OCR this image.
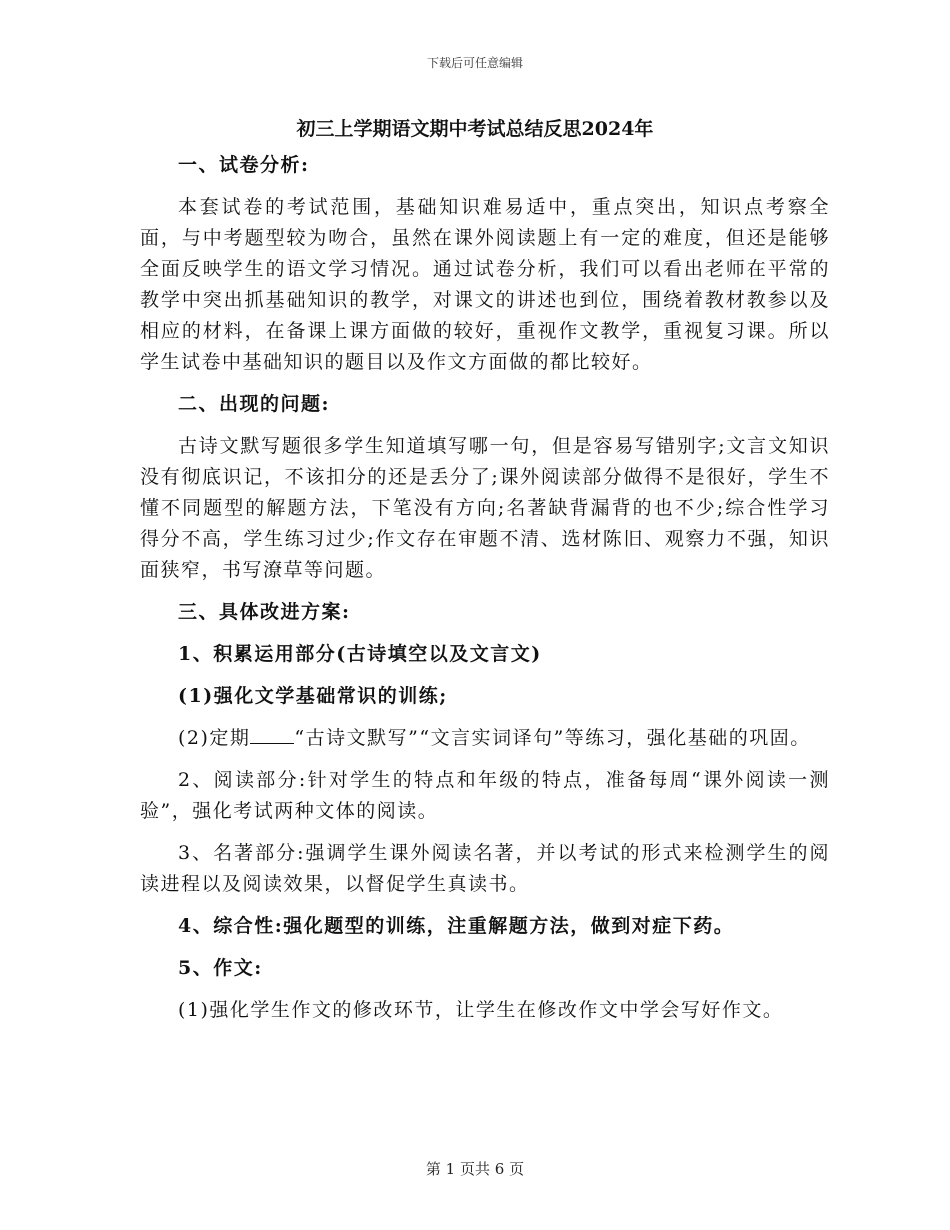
下载后可任意编辑
初三上学期语文期中考试总结反思2024年

一、试卷分析:

本套试卷的考试范围，基础知识难易适中，重点突出，知识点考察全面，与中考题型较为吻合，虽然在课外阅读题上有一定的难度，但还是能够全面反映学生的语文学习情况。通过试卷分析，我们可以看出老师在平常的教学中突出抓基础知识的教学，对课文的讲述也到位，围绕着教材教参以及相应的材料，在备课上课方面做的较好，重视作文教学，重视复习课。所以学生试卷中基础知识的题目以及作文方面做的都比较好。

二、出现的问题:

古诗文默写题很多学生知道填写哪一句，但是容易写错别字;文言文知识没有彻底识记，不该扣分的还是丢分了;课外阅读部分做得不是很好，学生不懂不同题型的解题方法，下笔没有方向;名著缺背漏背的也不少;综合性学习得分不高，学生练习过少;作文存在审题不清、选材陈旧、观察力不强，知识面狭窄，书写潦草等问题。

三、具体改进方案:

1、积累运用部分(古诗填空以及文言文)

(1)强化文学基础常识的训练;

(2)定期 “古诗文默写”“文言实词译句”等练习，强化基础的巩固。

2、阅读部分:针对学生的特点和年级的特点，准备每周“课外阅读一测验”，强化考试两种文体的阅读。

3、名著部分:强调学生课外阅读名著，并以考试的形式来检测学生的阅读进程以及阅读效果，以督促学生真读书。

4、综合性:强化题型的训练，注重解题方法，做到对症下药。

5、作文:

(1)强化学生作文的修改环节，让学生在修改作文中学会写好作文。

第 1 页共 6 页
